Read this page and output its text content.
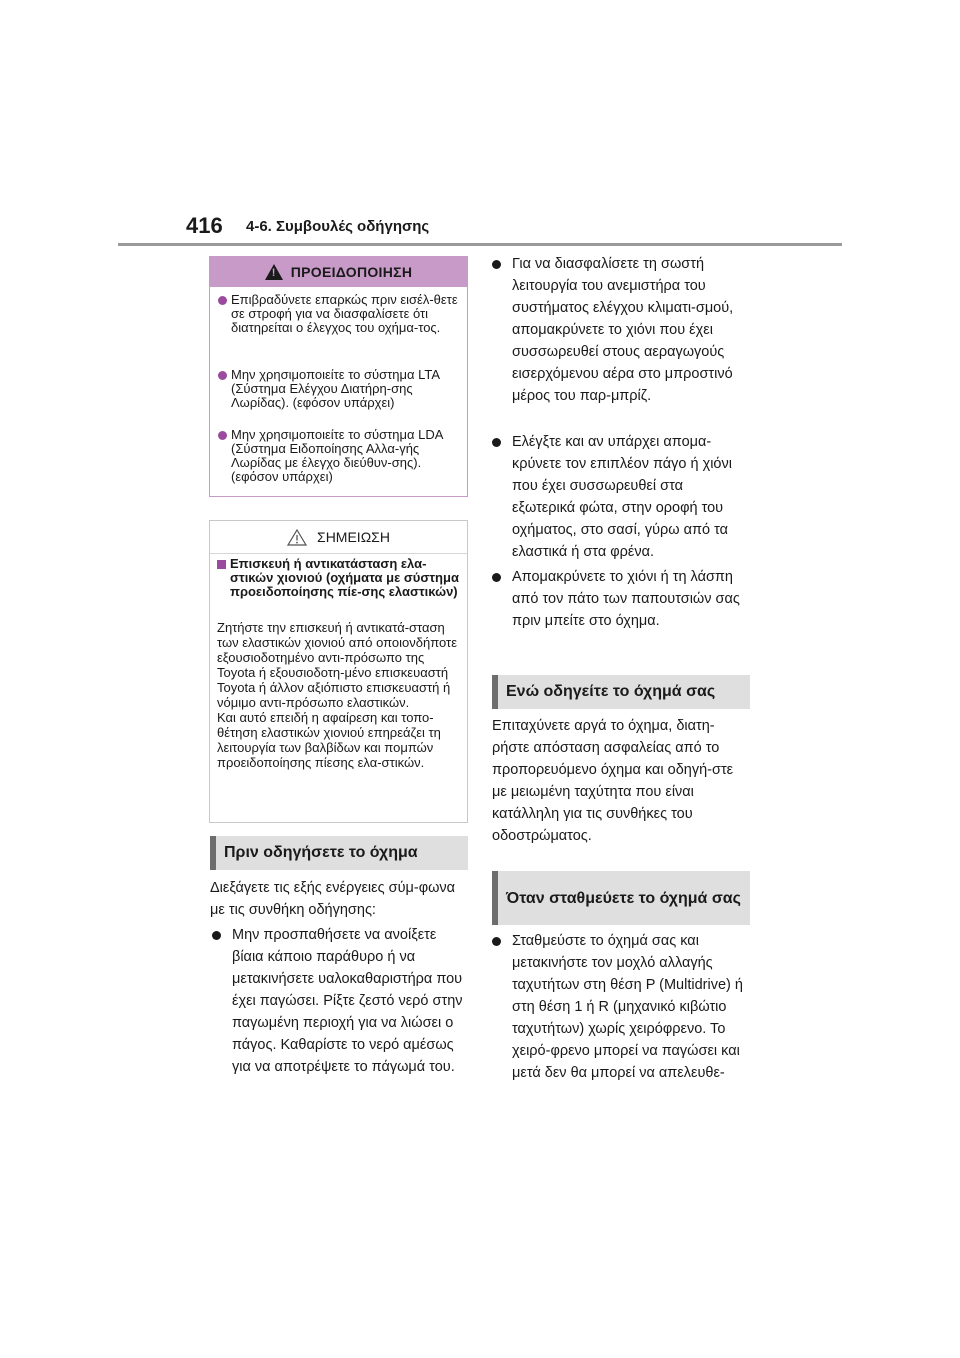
416 4-6. Συμβουλές οδήγησης
!
ΠΡΟΕΙΔΟΠΟΙΗΣΗ
Επιβραδύνετε επαρκώς πριν εισέλ-θετε σε στροφή για να διασφαλίσετε ότι διατηρείται ο έλεγχος του οχήμα-τος.
Μην χρησιμοποιείτε το σύστημα LTA (Σύστημα Ελέγχου Διατήρη-σης Λωρίδας). (εφόσον υπάρχει)
Μην χρησιμοποιείτε το σύστημα LDA (Σύστημα Ειδοποίησης Αλλα-γής Λωρίδας με έλεγχο διεύθυν-σης). (εφόσον υπάρχει)
ΣΗΜΕΙΩΣΗ
Επισκευή ή αντικατάσταση ελα-στικών χιονιού (οχήματα με σύστημα προειδοποίησης πίε-σης ελαστικών)
Ζητήστε την επισκευή ή αντικατά-σταση των ελαστικών χιονιού από οποιονδήποτε εξουσιοδοτημένο αντι-πρόσωπο της Toyota ή εξουσιοδοτη-μένο επισκευαστή Toyota ή άλλον αξιόπιστο επισκευαστή ή νόμιμο αντι-πρόσωπο ελαστικών.
Και αυτό επειδή η αφαίρεση και τοπο-θέτηση ελαστικών χιονιού επηρεάζει τη λειτουργία των βαλβίδων και πομπών προειδοποίησης πίεσης ελα-στικών.
Πριν οδηγήσετε το όχημα
Διεξάγετε τις εξής ενέργειες σύμ-φωνα με τις συνθήκη οδήγησης:
Μην προσπαθήσετε να ανοίξετε βίαια κάποιο παράθυρο ή να μετακινήσετε υαλοκαθαριστήρα που έχει παγώσει. Ρίξτε ζεστό νερό στην παγωμένη περιοχή για να λιώσει ο πάγος. Καθαρίστε το νερό αμέσως για να αποτρέψετε το πάγωμά του.
Για να διασφαλίσετε τη σωστή λειτουργία του ανεμιστήρα του συστήματος ελέγχου κλιματι-σμού, απομακρύνετε το χιόνι που έχει συσσωρευθεί στους αεραγωγούς εισερχόμενου αέρα στο μπροστινό μέρος του παρ-μπρίζ.
Ελέγξτε και αν υπάρχει απομα-κρύνετε τον επιπλέον πάγο ή χιόνι που έχει συσσωρευθεί στα εξωτερικά φώτα, στην οροφή του οχήματος, στο σασί, γύρω από τα ελαστικά ή στα φρένα.
Απομακρύνετε το χιόνι ή τη λάσπη από τον πάτο των παπουτσιών σας πριν μπείτε στο όχημα.
Ενώ οδηγείτε το όχημά σας
Επιταχύνετε αργά το όχημα, διατη-ρήστε απόσταση ασφαλείας από το προπορευόμενο όχημα και οδηγή-στε με μειωμένη ταχύτητα που είναι κατάλληλη για τις συνθήκες του οδοστρώματος.
Όταν σταθμεύετε το όχημά σας
Σταθμεύστε το όχημά σας και μετακινήστε τον μοχλό αλλαγής ταχυτήτων στη θέση P (Multidrive) ή στη θέση 1 ή R (μηχανικό κιβώτιο ταχυτήτων) χωρίς χειρόφρενο. Το χειρό-φρενο μπορεί να παγώσει και μετά δεν θα μπορεί να απελευθε-
